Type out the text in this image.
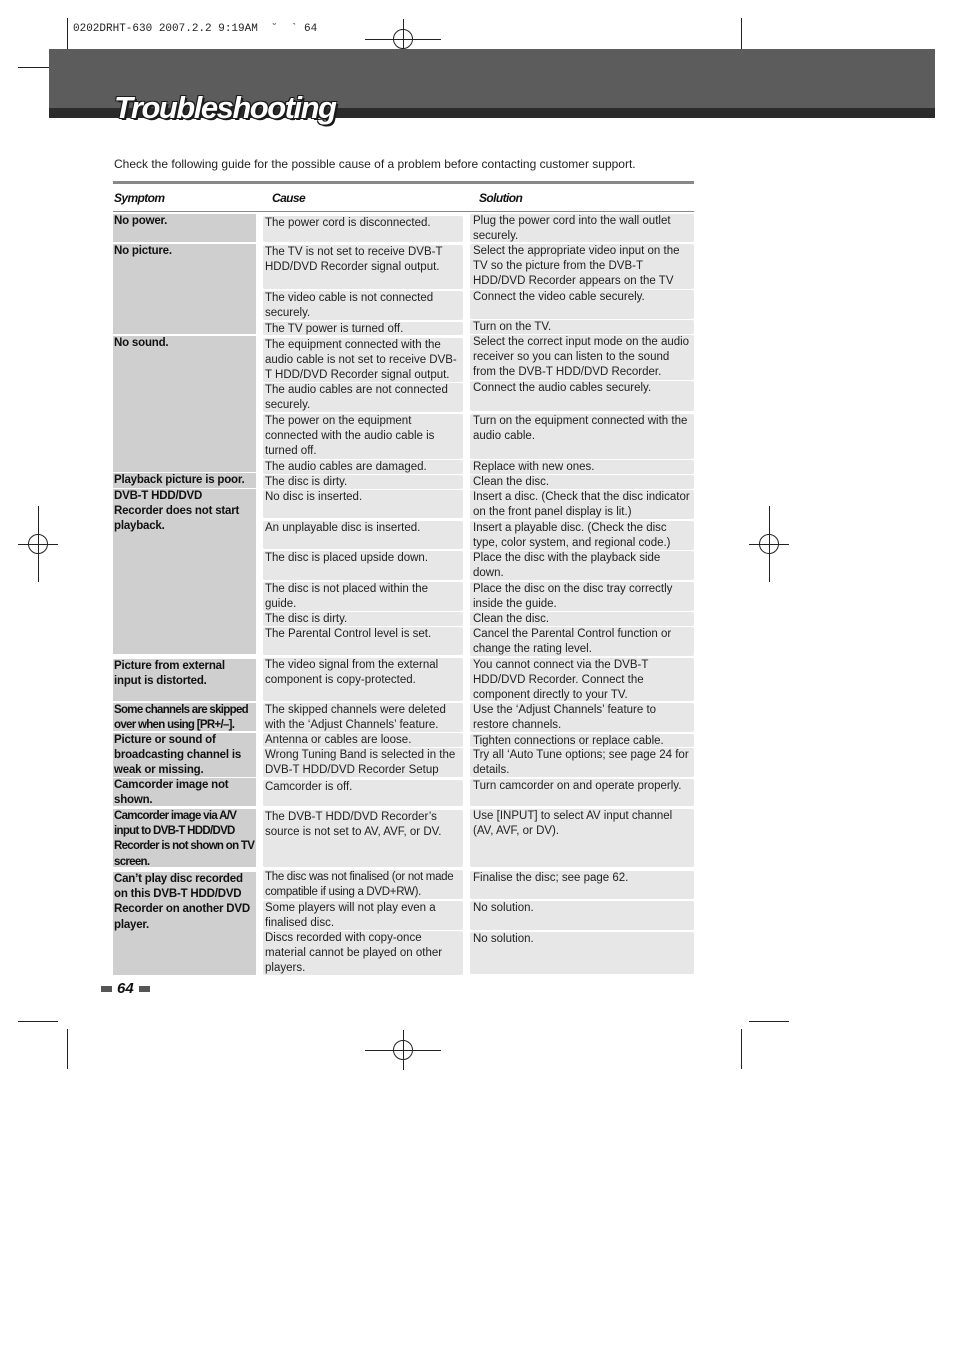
0202DRHT-630 2007.2.2 9:19AM  ˘  ` 64
Troubleshooting
Check the following guide for the possible cause of a problem before contacting customer support.
Symptom	Cause	Solution
No power.
No picture.
No sound.
Playback picture is poor.
DVB-T HDD/DVD Recorder does not start playback.
Picture from external input is distorted.
Some channels are skipped over when using [PR+/–].
Picture or sound of broadcasting channel is weak or missing.
Camcorder image not shown.
Camcorder image via A/V input to DVB-T HDD/DVD Recorder is not shown on TV screen.
Can’t play disc recorded on this DVB-T HDD/DVD Recorder on another DVD player.
The power cord is disconnected.
The TV is not set to receive DVB-T HDD/DVD Recorder signal output.
The video cable is not connected securely.
The TV power is turned off.
The equipment connected with the audio cable is not set to receive DVB-T HDD/DVD Recorder signal output.
The audio cables are not connected securely.
The power on the equipment connected with the audio cable is turned off.
The audio cables are damaged.
The disc is dirty.
No disc is inserted.
An unplayable disc is inserted.
The disc is placed upside down.
The disc is not placed within the guide.
The disc is dirty.
The Parental Control level is set.
The video signal from the external component is copy-protected.
The skipped channels were deleted with the ‘Adjust Channels’ feature.
Antenna or cables are loose.
Wrong Tuning Band is selected in the DVB-T HDD/DVD Recorder Setup
Camcorder is off.
The DVB-T HDD/DVD Recorder’s source is not set to AV, AVF, or DV.
The disc was not finalised (or not made compatible if using a DVD+RW).
Some players will not play even a finalised disc.
Discs recorded with copy-once material cannot be played on other players.
Plug the power cord into the wall outlet securely.
Select the appropriate video input on the TV so the picture from the DVB-T HDD/DVD Recorder appears on the TV
Connect the video cable securely.
Turn on the TV.
Select the correct input mode on the audio receiver so you can listen to the sound from the DVB-T HDD/DVD Recorder.
Connect the audio cables securely.
Turn on the equipment connected with the audio cable.
Replace with new ones.
Clean the disc.
Insert a disc. (Check that the disc indicator on the front panel display is lit.)
Insert a playable disc. (Check the disc type, color system, and regional code.)
Place the disc with the playback side down.
Place the disc on the disc tray correctly inside the guide.
Clean the disc.
Cancel the Parental Control function or change the rating level.
You cannot connect via the DVB-T HDD/DVD Recorder. Connect the component directly to your TV.
Use the ‘Adjust Channels’ feature to restore channels.
Tighten connections or replace cable.
Try all ‘Auto Tune options; see page 24 for details.
Turn camcorder on and operate properly.
Use [INPUT] to select AV input channel (AV, AVF, or DV).
Finalise the disc; see page 62.
No solution.
No solution.
64
